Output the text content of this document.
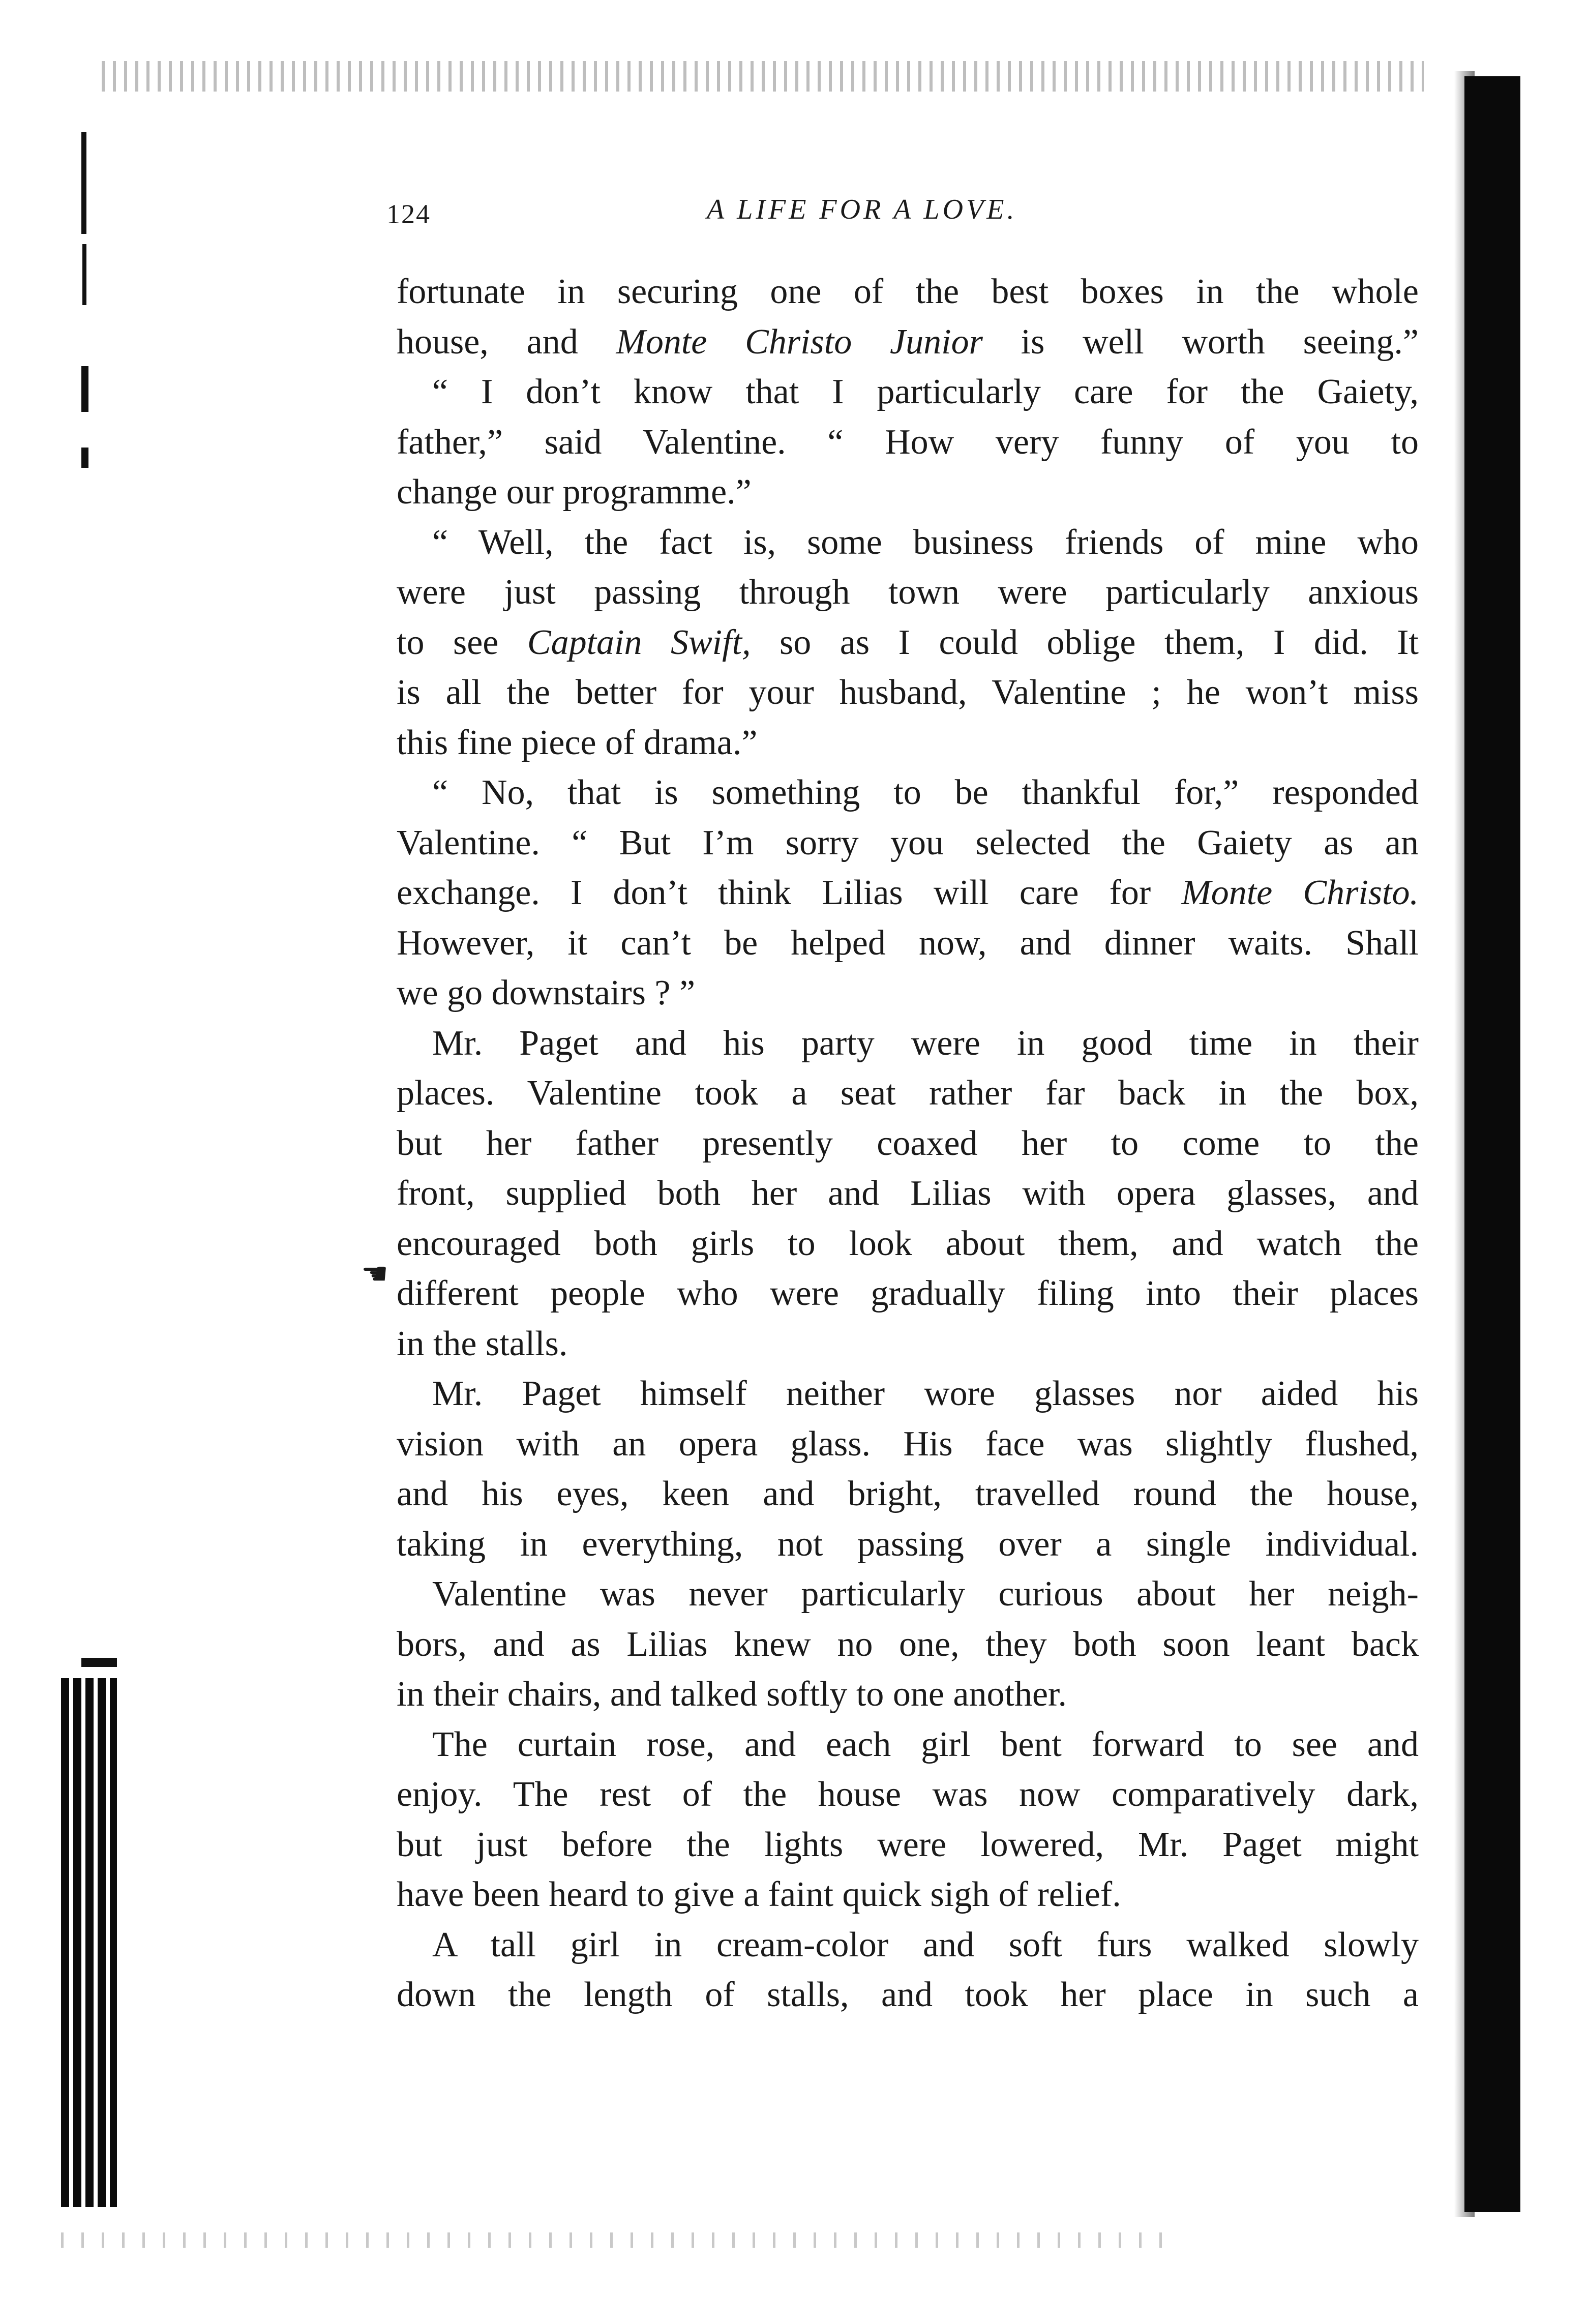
124	A LIFE FOR A LOVE.
☚
fortunate in securing one of the best boxes in the whole
house, and Monte Christo Junior is well worth seeing.”
“ I don’t know that I particularly care for the Gaiety,
father,” said Valentine. “ How very funny of you to
change our programme.”
“ Well, the fact is, some business friends of mine who
were just passing through town were particularly anxious
to see Captain Swift, so as I could oblige them, I did. It
is all the better for your husband, Valentine ; he won’t miss
this fine piece of drama.”
“ No, that is something to be thankful for,” responded
Valentine. “ But I’m sorry you selected the Gaiety as an
exchange. I don’t think Lilias will care for Monte Christo.
However, it can’t be helped now, and dinner waits. Shall
we go downstairs ? ”
Mr. Paget and his party were in good time in their
places. Valentine took a seat rather far back in the box,
but her father presently coaxed her to come to the
front, supplied both her and Lilias with opera glasses, and
encouraged both girls to look about them, and watch the
different people who were gradually filing into their places
in the stalls.
Mr. Paget himself neither wore glasses nor aided his
vision with an opera glass. His face was slightly flushed,
and his eyes, keen and bright, travelled round the house,
taking in everything, not passing over a single individual.
Valentine was never particularly curious about her neigh-
bors, and as Lilias knew no one, they both soon leant back
in their chairs, and talked softly to one another.
The curtain rose, and each girl bent forward to see and
enjoy. The rest of the house was now comparatively dark,
but just before the lights were lowered, Mr. Paget might
have been heard to give a faint quick sigh of relief.
A tall girl in cream-color and soft furs walked slowly
down the length of stalls, and took her place in such a
